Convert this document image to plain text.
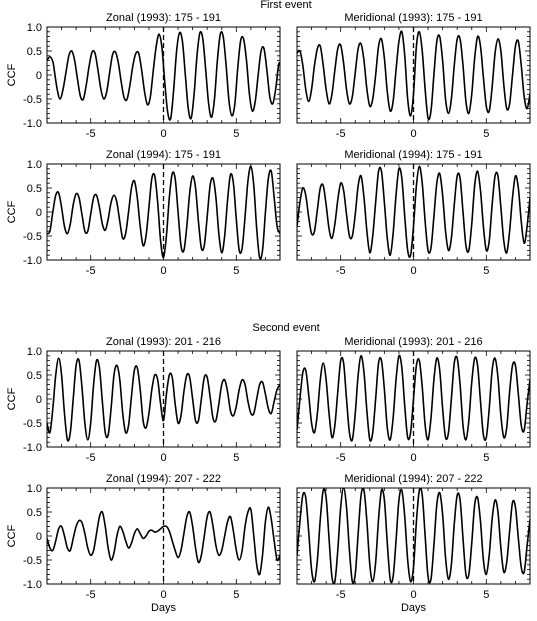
First event
Second event
Zonal (1993): 175 - 191
-5	0	5
-1.0
-0.5
0
0.5
1.0
CCF
Meridional (1993): 175 - 191
-5	0	5
Zonal (1994): 175 - 191
-5	0	5
-1.0
-0.5
0
0.5
1.0
CCF
Meridional (1994): 175 - 191
-5	0	5
Zonal (1993): 201 - 216
-5	0	5
-1.0
-0.5
0
0.5
1.0
CCF
Meridional (1993): 201 - 216
-5	0	5
Zonal (1994): 207 - 222
-5	0	5
-1.0
-0.5
0
0.5
1.0
CCF
Days
Meridional (1994): 207 - 222
-5	0	5
Days
